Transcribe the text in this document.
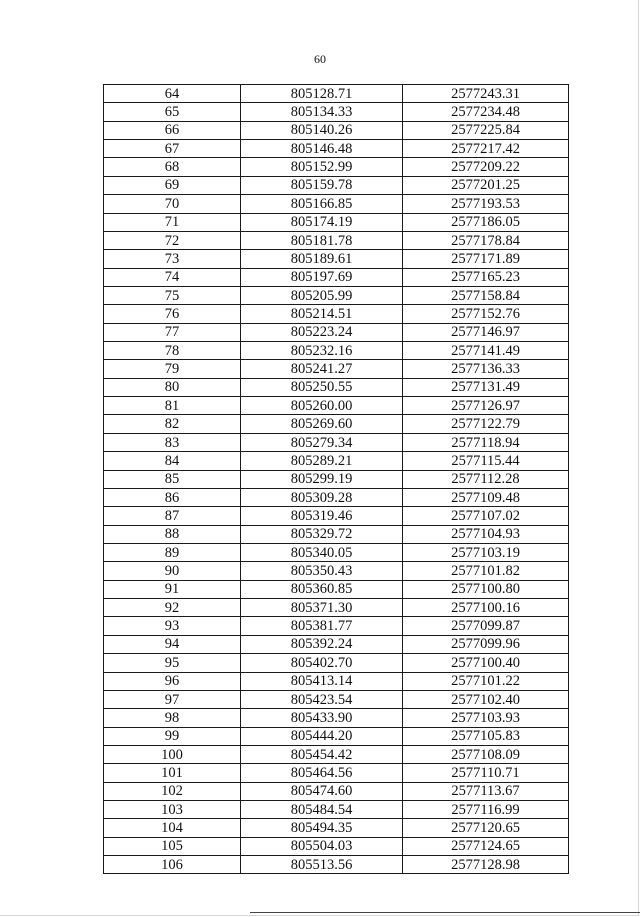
60
64	805128.71	2577243.31
65	805134.33	2577234.48
66	805140.26	2577225.84
67	805146.48	2577217.42
68	805152.99	2577209.22
69	805159.78	2577201.25
70	805166.85	2577193.53
71	805174.19	2577186.05
72	805181.78	2577178.84
73	805189.61	2577171.89
74	805197.69	2577165.23
75	805205.99	2577158.84
76	805214.51	2577152.76
77	805223.24	2577146.97
78	805232.16	2577141.49
79	805241.27	2577136.33
80	805250.55	2577131.49
81	805260.00	2577126.97
82	805269.60	2577122.79
83	805279.34	2577118.94
84	805289.21	2577115.44
85	805299.19	2577112.28
86	805309.28	2577109.48
87	805319.46	2577107.02
88	805329.72	2577104.93
89	805340.05	2577103.19
90	805350.43	2577101.82
91	805360.85	2577100.80
92	805371.30	2577100.16
93	805381.77	2577099.87
94	805392.24	2577099.96
95	805402.70	2577100.40
96	805413.14	2577101.22
97	805423.54	2577102.40
98	805433.90	2577103.93
99	805444.20	2577105.83
100	805454.42	2577108.09
101	805464.56	2577110.71
102	805474.60	2577113.67
103	805484.54	2577116.99
104	805494.35	2577120.65
105	805504.03	2577124.65
106	805513.56	2577128.98
